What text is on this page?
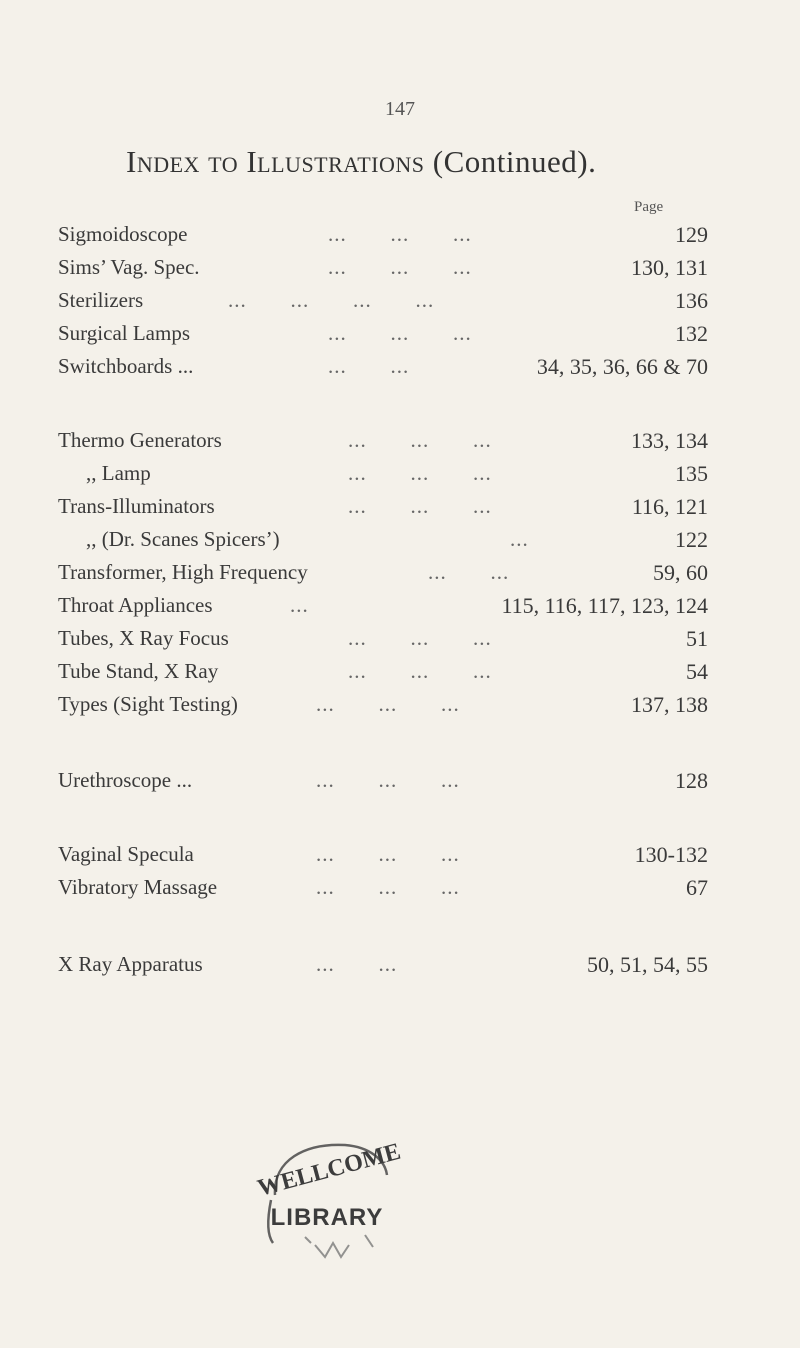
147
Index to Illustrations (Continued).
Page
Sigmoidoscope	...       ...       ...	129
Sims’ Vag. Spec.	...       ...       ...	130, 131
Sterilizers	...       ...       ...       ...	136
Surgical Lamps	...       ...       ...	132
Switchboards ...	...       ...	34, 35, 36, 66 & 70
Thermo Generators	...       ...       ...	133, 134
,, Lamp	...       ...       ...	135
Trans-Illuminators	...       ...       ...	116, 121
,, (Dr. Scanes Spicers’)	...	122
Transformer, High Frequency	...       ...	59, 60
Throat Appliances	...	115, 116, 117, 123, 124
Tubes, X Ray Focus	...       ...       ...	51
Tube Stand, X Ray	...       ...       ...	54
Types (Sight Testing)	...       ...       ...	137, 138
Urethroscope ...	...       ...       ...	128
Vaginal Specula	...       ...       ...	130-132
Vibratory Massage	...       ...       ...	67
X Ray Apparatus	...       ...	50, 51, 54, 55
WELLCOME
LIBRARY
